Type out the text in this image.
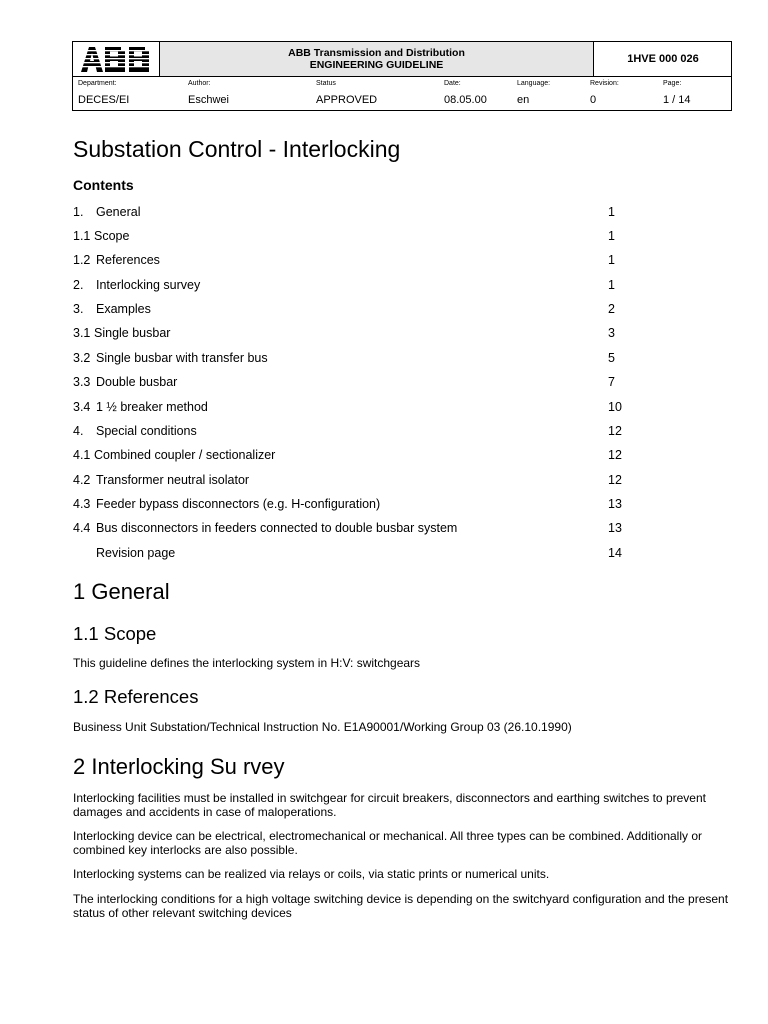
ABB Transmission and Distribution
ENGINEERING GUIDELINE	1HVE 000 026
Department:
DECES/EI
Author:
Eschwei
Status
APPROVED
Date:
08.05.00
Language:
en
Revision:
0
Page:
1 / 14
Substation Control - Interlocking
Contents
1. General	1
1.1 Scope	1
1.2 References	1
2. Interlocking survey	1
3. Examples	2
3.1 Single busbar	3
3.2 Single busbar with transfer bus	5
3.3 Double busbar	7
3.4 1 ½ breaker method	10
4. Special conditions	12
4.1 Combined coupler / sectionalizer	12
4.2 Transformer neutral isolator	12
4.3 Feeder bypass disconnectors (e.g. H-configuration)	13
4.4 Bus disconnectors in feeders connected to double busbar system	13
Revision page	14
1 General
1.1 Scope
This guideline defines the interlocking system in H:V: switchgears
1.2 References
Business Unit Substation/Technical Instruction No. E1A90001/Working Group 03 (26.10.1990)
2 Interlocking Su rvey
Interlocking facilities must be installed in switchgear for circuit breakers, disconnectors and earthing switches to prevent damages and accidents in case of maloperations.
Interlocking device can be electrical, electromechanical or mechanical. All three types can be combined. Additionally or combined key interlocks are also possible.
Interlocking systems can be realized via relays or coils, via static prints or numerical units.
The interlocking conditions for a high voltage switching device is depending on the switchyard configuration and the present status of other relevant switching devices
